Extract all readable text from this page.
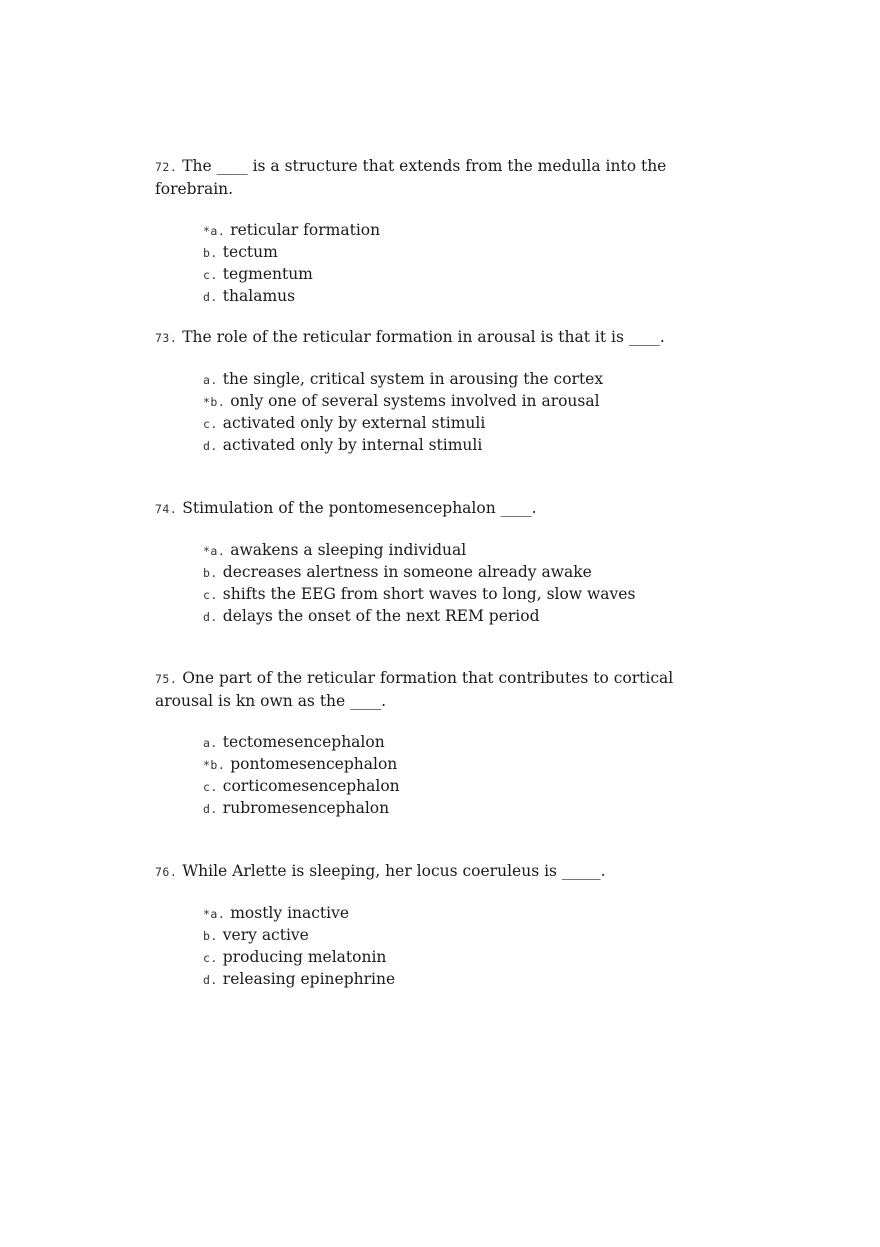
72. The ____ is a structure that extends from the medulla into the forebrain.

*a. reticular formation
b. tectum
c. tegmentum
d. thalamus

73. The role of the reticular formation in arousal is that it is ____.

a. the single, critical system in arousing the cortex
*b. only one of several systems involved in arousal
c. activated only by external stimuli
d. activated only by internal stimuli

74. Stimulation of the pontomesencephalon ____.

*a. awakens a sleeping individual
b. decreases alertness in someone already awake
c. shifts the EEG from short waves to long, slow waves
d. delays the onset of the next REM period

75. One part of the reticular formation that contributes to cortical arousal is kn own as the ____.

a. tectomesencephalon
*b. pontomesencephalon
c. corticomesencephalon
d. rubromesencephalon

76. While Arlette is sleeping, her locus coeruleus is _____.

*a. mostly inactive
b. very active
c. producing melatonin
d. releasing epinephrine
